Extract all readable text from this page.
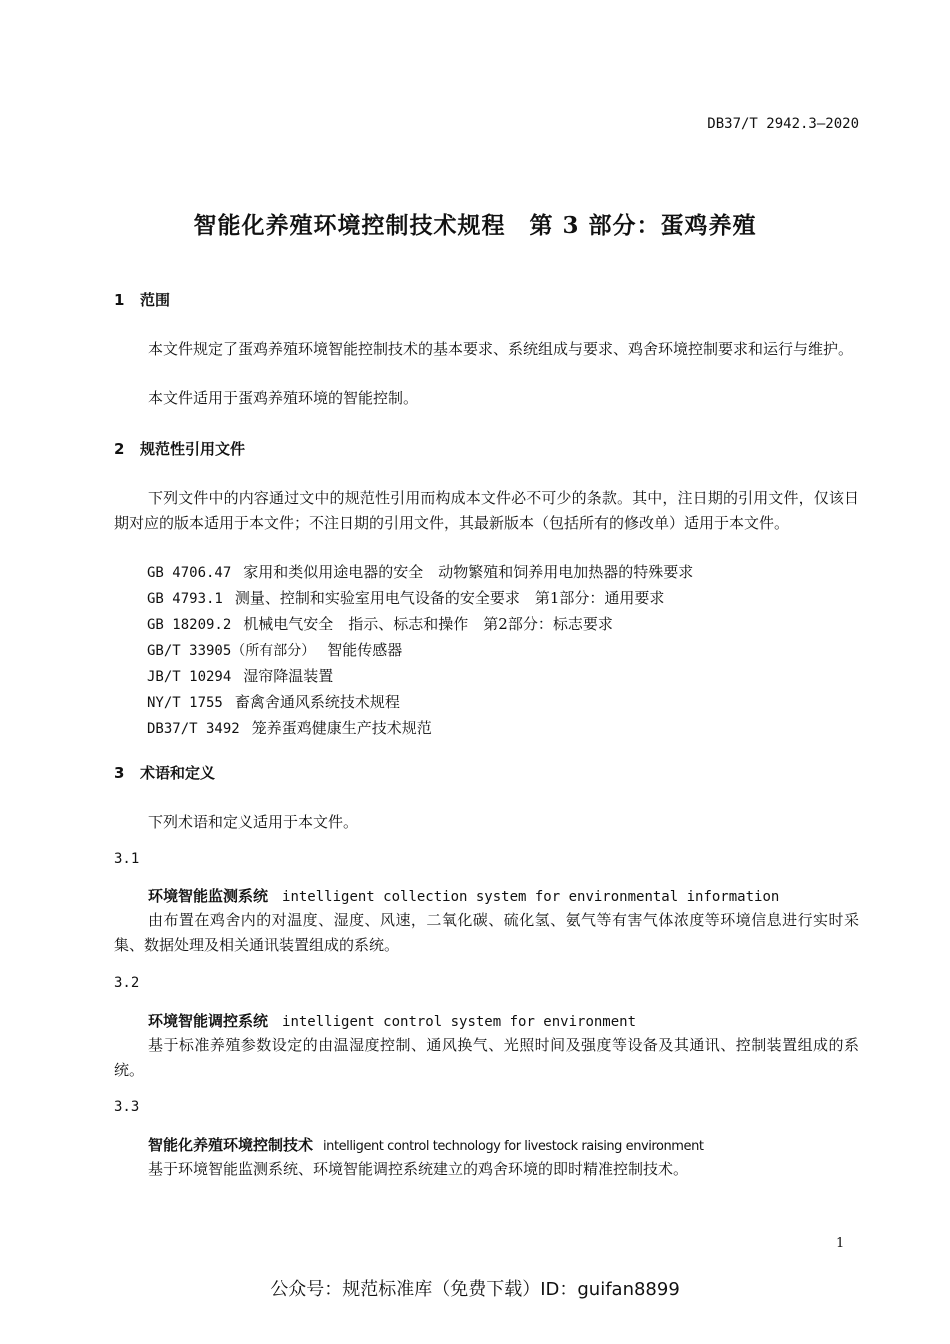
DB37/T 2942.3—2020
智能化养殖环境控制技术规程　第 3 部分：蛋鸡养殖
1 范围
本文件规定了蛋鸡养殖环境智能控制技术的基本要求、系统组成与要求、鸡舍环境控制要求和运行与维护。
本文件适用于蛋鸡养殖环境的智能控制。
2 规范性引用文件
下列文件中的内容通过文中的规范性引用而构成本文件必不可少的条款。其中，注日期的引用文件，仅该日期对应的版本适用于本文件；不注日期的引用文件，其最新版本（包括所有的修改单）适用于本文件。
GB 4706.47 家用和类似用途电器的安全　动物繁殖和饲养用电加热器的特殊要求
GB 4793.1 测量、控制和实验室用电气设备的安全要求　第1部分：通用要求
GB 18209.2 机械电气安全　指示、标志和操作　第2部分：标志要求
GB/T 33905（所有部分） 智能传感器
JB/T 10294 湿帘降温装置
NY/T 1755 畜禽舍通风系统技术规程
DB37/T 3492 笼养蛋鸡健康生产技术规范
3 术语和定义
下列术语和定义适用于本文件。
3.1
环境智能监测系统 intelligent collection system for environmental information
由布置在鸡舍内的对温度、湿度、风速，二氧化碳、硫化氢、氨气等有害气体浓度等环境信息进行实时采集、数据处理及相关通讯装置组成的系统。
3.2
环境智能调控系统 intelligent control system for environment
基于标准养殖参数设定的由温湿度控制、通风换气、光照时间及强度等设备及其通讯、控制装置组成的系统。
3.3
智能化养殖环境控制技术 intelligent control technology for livestock raising environment
基于环境智能监测系统、环境智能调控系统建立的鸡舍环境的即时精准控制技术。
1
公众号：规范标准库（免费下载）ID：guifan8899
